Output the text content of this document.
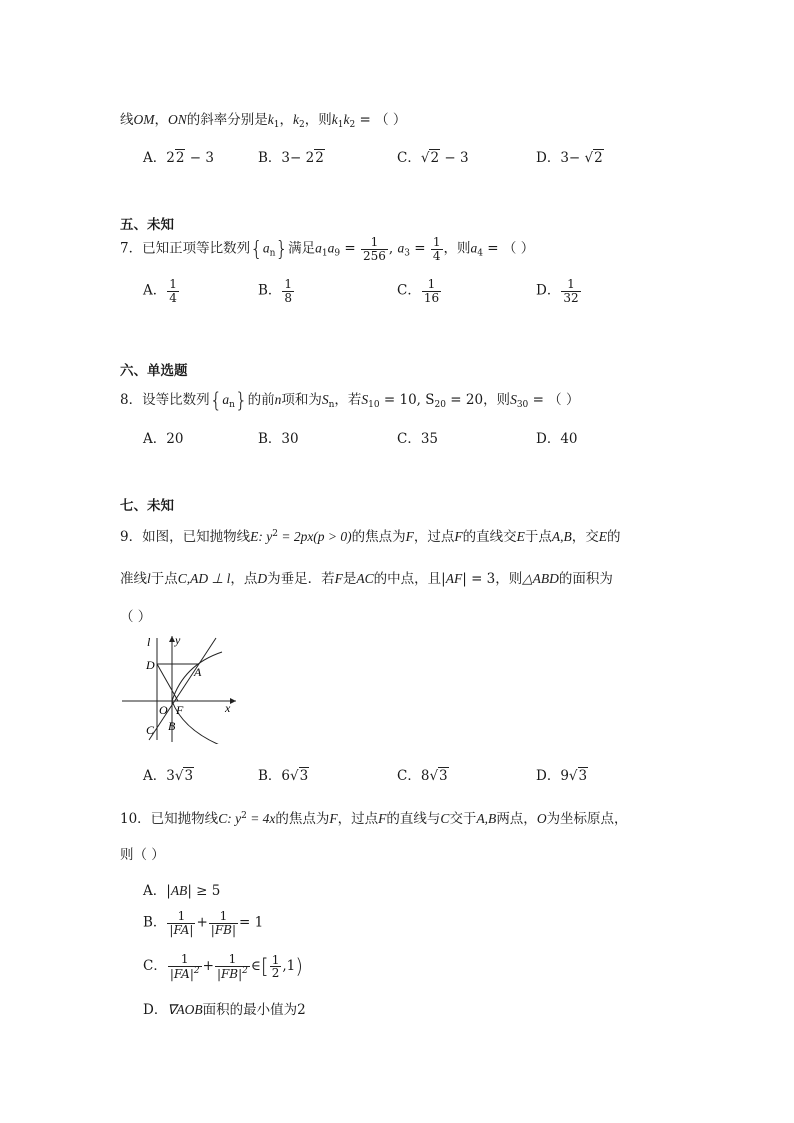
线OM，ON的斜率分别是$k_1$，$k_2$，则$k_1k_2$ = （ ）
A．22 − 3	B．3− 22	C．√2 − 3	D．3− √2
五、未知
7．已知正项等比数列$\{a_n\}$满足$a_1a_9 = \frac{1}{256}$ , $a_3 = \frac{1}{4}$ ，则$a_4$ = （ ）
A． $\frac{1}{4}$	B． $\frac{1}{8}$	C． $\frac{1}{16}$	D． $\frac{1}{32}$
六、单选题
8．设等比数列$\{a_n\}$的前n项和为$S_n$，若$S_{10} = 10$, $S_{20} = 20$，则$S_{30}$ = （ ）
A．20	B．30	C．35	D．40
七、未知
9．如图，已知抛物线E: $y^2 = 2px(p > 0)$的焦点为F，过点F的直线交E于点A,B，交E的
准线l于点C,AD ⊥ l，点D为垂足．若F是AC的中点，且|AF| = 3，则△ABD的面积为
（ ）
l y
D	A
O F	x
C B
A．3√3	B．6√3	C．8√3	D．9√3
10．已知抛物线C: $y^2 = 4x$的焦点为F，过点F的直线与C交于A,B两点，O为坐标原点，
则（ ）
A．|AB| ≥ 5
B． $\frac{1}{|FA|} + \frac{1}{|FB|} = 1$
C． $\frac{1}{|FA|^2} + \frac{1}{|FB|^2}$ ∈[ $\frac{1}{2} ,1$)
D．∇AOB面积的最小值为2
